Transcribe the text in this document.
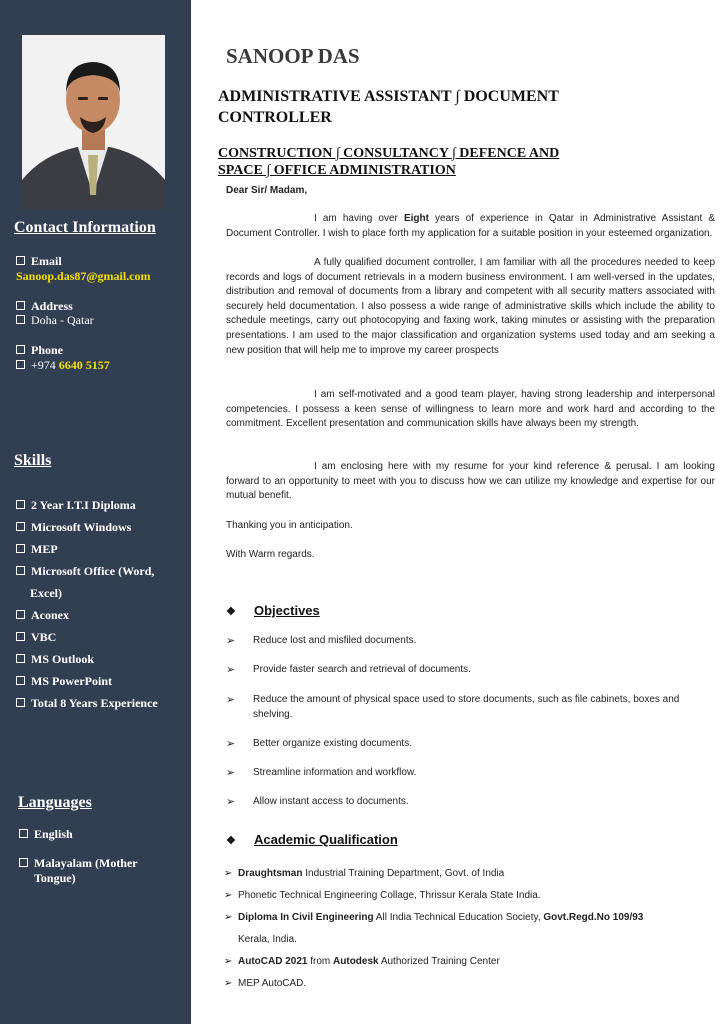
Contact Information
Email
Sanoop.das87@gmail.com
Address
Doha - Qatar
Phone
+974 6640 5157
Skills
2 Year I.T.I Diploma
Microsoft Windows
MEP
Microsoft Office (Word,
Excel)
Aconex
VBC
MS Outlook
MS PowerPoint
Total 8 Years Experience
Languages
English
Malayalam (Mother
Tongue)
SANOOP DAS
ADMINISTRATIVE ASSISTANT ∫ DOCUMENT CONTROLLER
CONSTRUCTION ∫ CONSULTANCY ∫ DEFENCE AND SPACE ∫ OFFICE ADMINISTRATION

Dear Sir/ Madam,

I am having over Eight years of experience in Qatar in Administrative Assistant & Document Controller. I wish to place forth my application for a suitable position in your esteemed organization.

A fully qualified document controller, I am familiar with all the procedures needed to keep records and logs of document retrievals in a modern business environment. I am well-versed in the updates, distribution and removal of documents from a library and competent with all security matters associated with securely held documentation. I also possess a wide range of administrative skills which include the ability to schedule meetings, carry out photocopying and faxing work, taking minutes or assisting with the preparation presentations. I am used to the major classification and organization systems used today and am seeking a new position that will help me to improve my career prospects

I am self-motivated and a good team player, having strong leadership and interpersonal competencies. I possess a keen sense of willingness to learn more and work hard and according to the commitment. Excellent presentation and communication skills have always been my strength.

I am enclosing here with my resume for your kind reference & perusal. I am looking forward to an opportunity to meet with you to discuss how we can utilize my knowledge and expertise for our mutual benefit.

Thanking you in anticipation.

With Warm regards.

❖ Objectives
➢ Reduce lost and misfiled documents.
➢ Provide faster search and retrieval of documents.
➢ Reduce the amount of physical space used to store documents, such as file cabinets, boxes and shelving.
➢ Better organize existing documents.
➢ Streamline information and workflow.
➢ Allow instant access to documents.
❖ Academic Qualification
➢ Draughtsman Industrial Training Department, Govt. of India
➢ Phonetic Technical Engineering Collage, Thrissur Kerala State India.
➢ Diploma In Civil Engineering All India Technical Education Society, Govt.Regd.No 109/93
Kerala, India.
➢ AutoCAD 2021 from Autodesk Authorized Training Center
➢ MEP AutoCAD.
